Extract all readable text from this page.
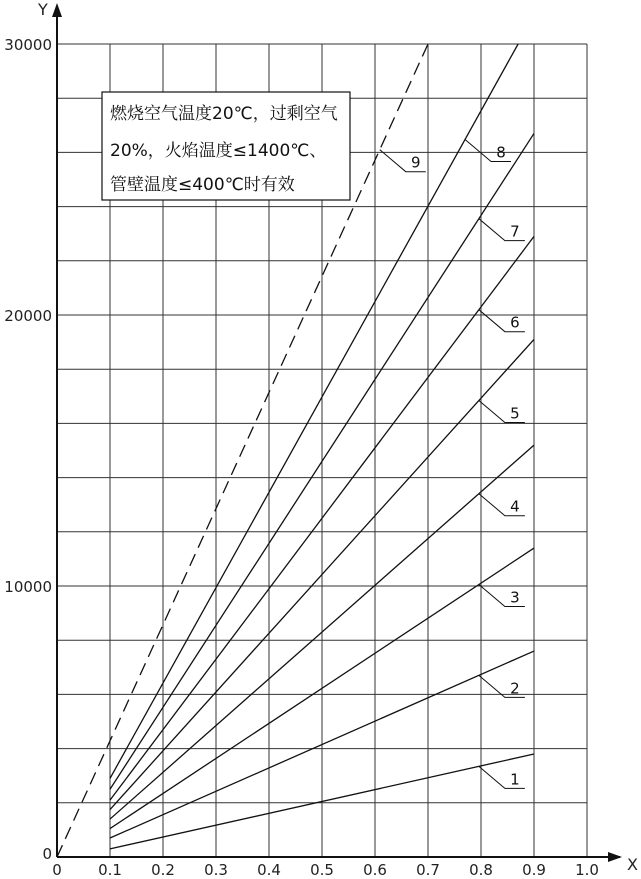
1
2
3
4
5
6
7
8
9
0 0.1 0.2 0.3 0.4 0.5 0.6 0.7 0.8 0.9 1.0
0
10000
20000
30000
燃烧空气温度20℃，过剩空气
20%，火焰温度≤1400℃、
管壁温度≤400℃时有效
Y
X
